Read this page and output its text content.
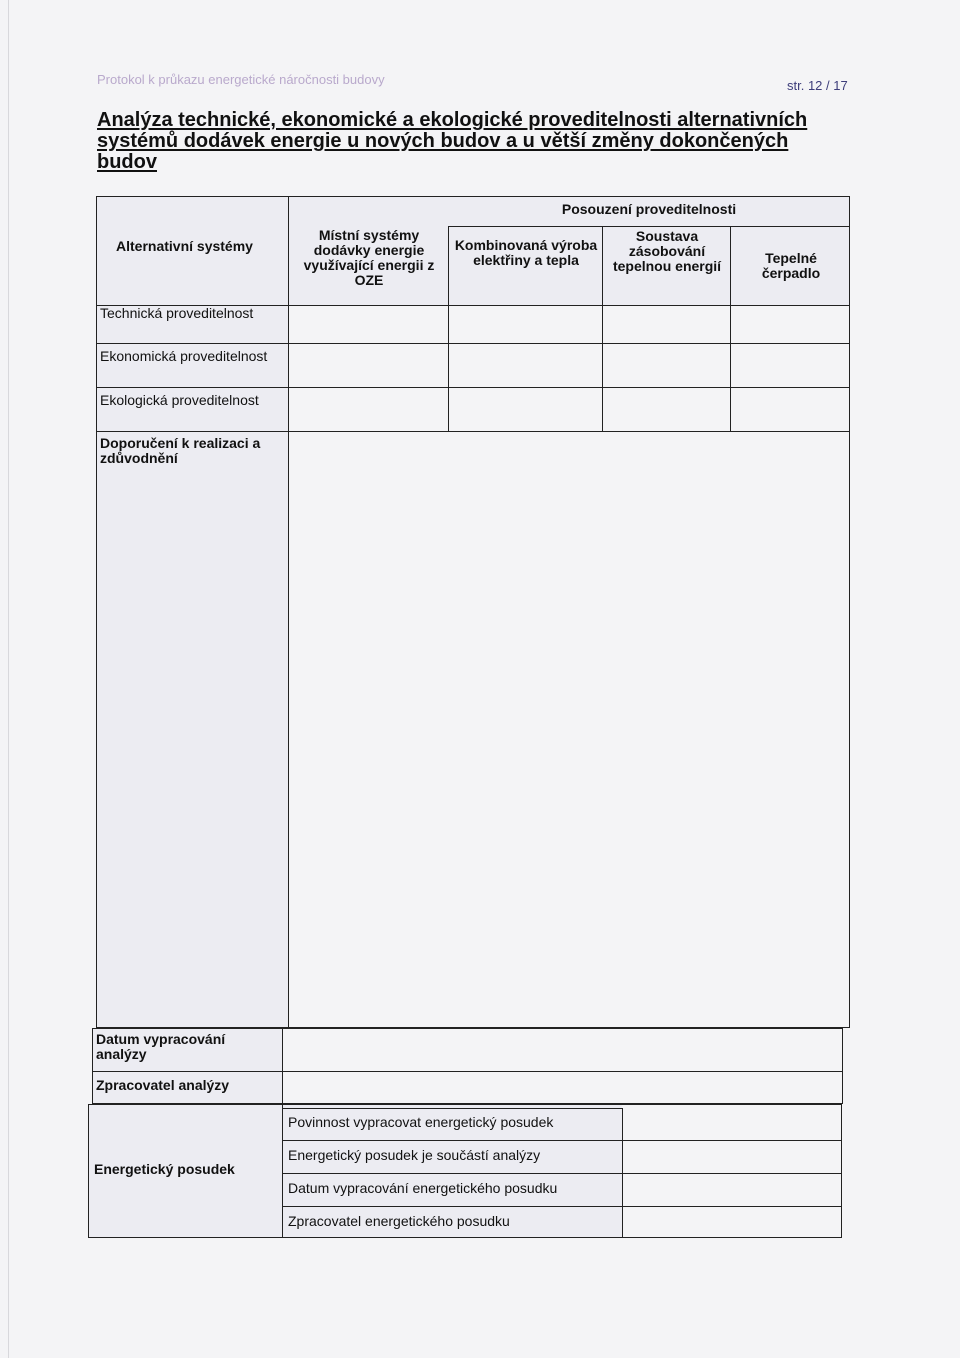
Protokol k průkazu energetické náročnosti budovy	str. 12 / 17
Analýza technické, ekonomické a ekologické proveditelnosti alternativních systémů dodávek energie u nových budov a u větší změny dokončených budov
Alternativní systémy
Posouzení proveditelnosti
Místní systémy dodávky energie využívající energii z OZE
Kombinovaná výroba elektřiny a tepla
Soustava zásobování tepelnou energií	Tepelné čerpadlo
Technická proveditelnost
Ekonomická proveditelnost
Ekologická proveditelnost
Doporučení k realizaci a zdůvodnění
Datum vypracování analýzy
Zpracovatel analýzy
Energetický posudek
Povinnost vypracovat energetický posudek
Energetický posudek je součástí analýzy
Datum vypracování energetického posudku
Zpracovatel energetického posudku
